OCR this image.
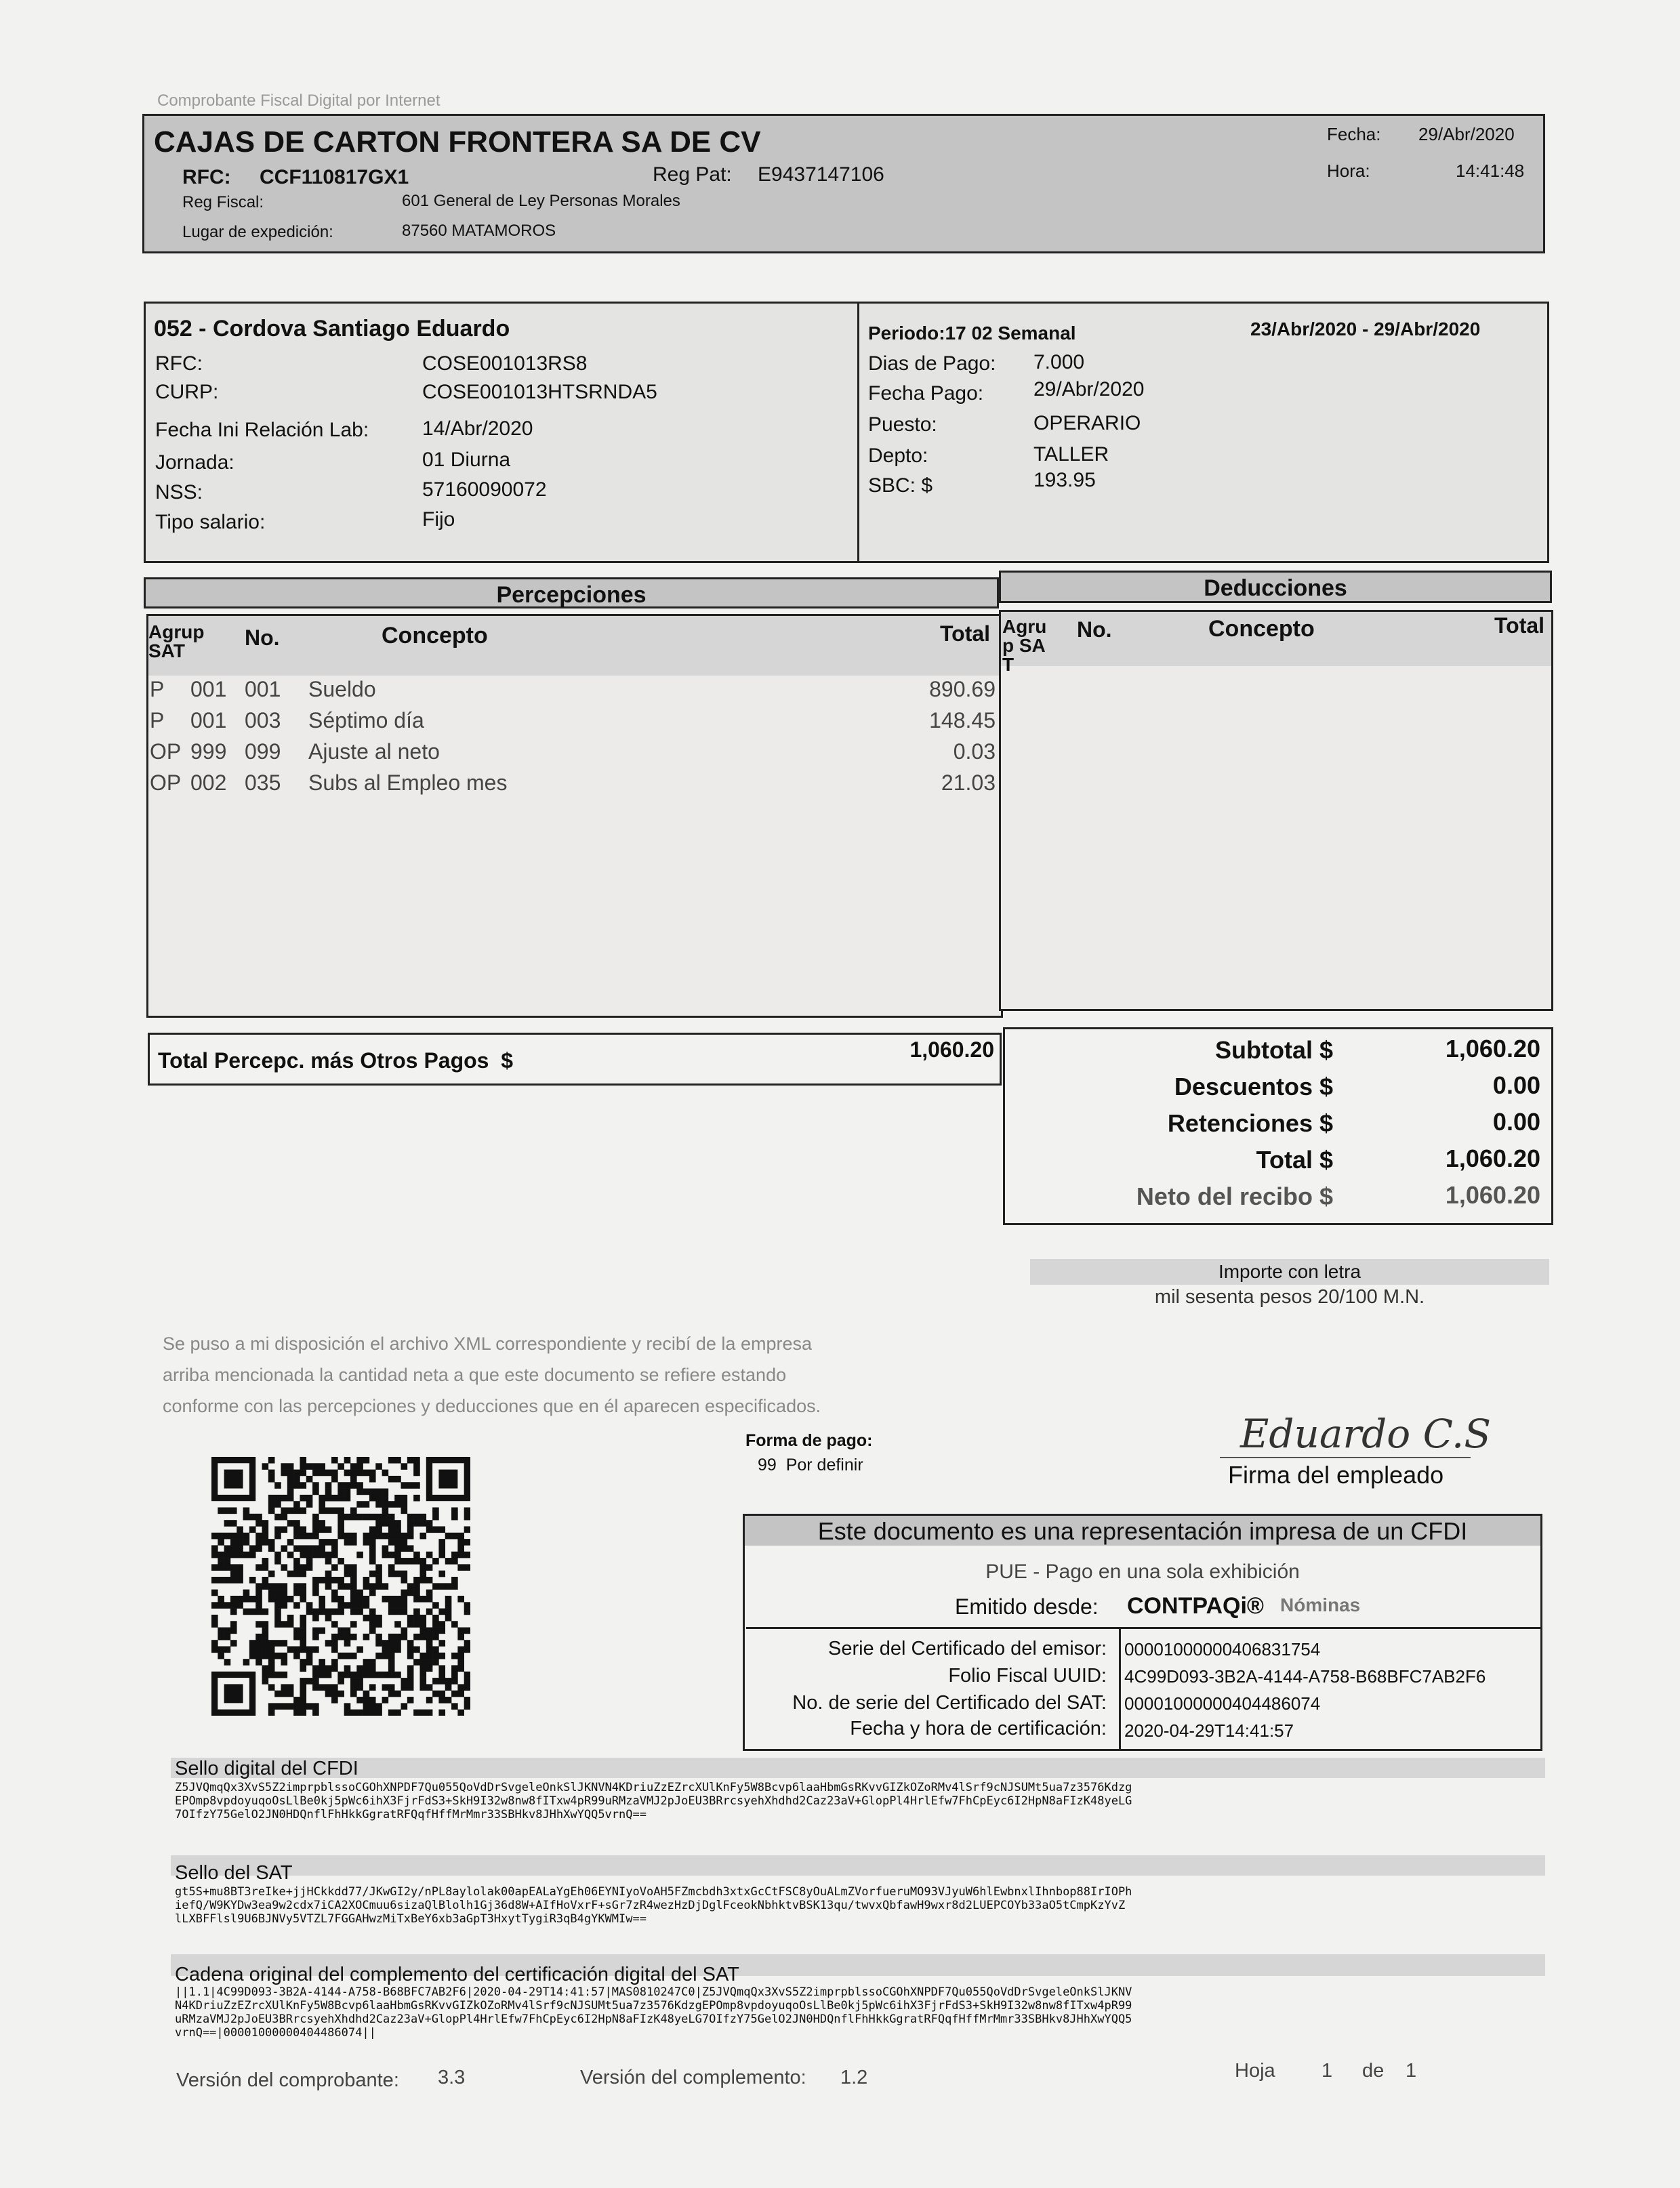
Comprobante Fiscal Digital por Internet
CAJAS DE CARTON FRONTERA SA DE CV
RFC: CCF110817GX1	Reg Pat: E9437147106
Reg Fiscal:	601 General de Ley Personas Morales
Lugar de expedición:	87560 MATAMOROS
Fecha: 29/Abr/2020
Hora:	14:41:48
052 - Cordova Santiago Eduardo
RFC:	COSE001013RS8
CURP:	COSE001013HTSRNDA5
Fecha Ini Relación Lab:	14/Abr/2020
Jornada:	01 Diurna
NSS:	57160090072
Tipo salario:	Fijo
Periodo:17 02 Semanal	23/Abr/2020 - 29/Abr/2020
Dias de Pago: 7.000
Fecha Pago: 29/Abr/2020
Puesto:	OPERARIO
Depto:	TALLER
SBC: $	193.95
Percepciones	Deducciones
Agrup SAT
No.	Concepto	Total
P 001 001 Sueldo	890.69
P 001 003 Séptimo día	148.45
OP 999 099 Ajuste al neto	0.03
OP 002 035 Subs al Empleo mes	21.03
Agru p SA T
No.	Concepto	Total
Total Percepc. más Otros Pagos  $	1,060.20	Subtotal $	1,060.20
Descuentos $	0.00
Retenciones $	0.00
Total $	1,060.20
Neto del recibo $	1,060.20
Importe con letra
mil sesenta pesos 20/100 M.N.
Se puso a mi disposición el archivo XML correspondiente y recibí de la empresa
arriba mencionada la cantidad neta a que este documento se refiere estando
conforme con las percepciones y deducciones que en él aparecen especificados.
Forma de pago:
99  Por definir
Eduardo C.S
Firma del empleado
Este documento es una representación impresa de un CFDI
PUE - Pago en una sola exhibición
Emitido desde: CONTPAQi® Nóminas
Serie del Certificado del emisor: 00001000000406831754
Folio Fiscal UUID: 4C99D093-3B2A-4144-A758-B68BFC7AB2F6
No. de serie del Certificado del SAT: 00001000000404486074
Fecha y hora de certificación: 2020-04-29T14:41:57
Sello digital del CFDI
Z5JVQmqQx3XvS5Z2imprpblssoCGOhXNPDF7Qu055QoVdDrSvgeleOnkSlJKNVN4KDriuZzEZrcXUlKnFy5W8Bcvp6laaHbmGsRKvvGIZkOZoRMv4lSrf9cNJSUMt5ua7z3576Kdzg
EPOmp8vpdoyuqoOsLlBe0kj5pWc6ihX3FjrFdS3+SkH9I32w8nw8fITxw4pR99uRMzaVMJ2pJoEU3BRrcsyehXhdhd2Caz23aV+GlopPl4HrlEfw7FhCpEyc6I2HpN8aFIzK48yeLG
7OIfzY75GelO2JN0HDQnflFhHkkGgratRFQqfHffMrMmr33SBHkv8JHhXwYQQ5vrnQ==
Sello del SAT
gt5S+mu8BT3reIke+jjHCkkdd77/JKwGI2y/nPL8aylolak00apEALaYgEh06EYNIyoVoAH5FZmcbdh3xtxGcCtFSC8yOuALmZVorfueruMO93VJyuW6hlEwbnxlIhnbop88IrIOPh
iefQ/W9KYDw3ea9w2cdx7iCA2XOCmuu6sizaQlBlolh1Gj36d8W+AIfHoVxrF+sGr7zR4wezHzDjDglFceokNbhktvBSK13qu/twvxQbfawH9wxr8d2LUEPCOYb33aO5tCmpKzYvZ
lLXBFFlsl9U6BJNVy5VTZL7FGGAHwzMiTxBeY6xb3aGpT3HxytTygiR3qB4gYKWMIw==
Cadena original del complemento del certificación digital del SAT
||1.1|4C99D093-3B2A-4144-A758-B68BFC7AB2F6|2020-04-29T14:41:57|MAS0810247C0|Z5JVQmqQx3XvS5Z2imprpblssoCGOhXNPDF7Qu055QoVdDrSvgeleOnkSlJKNV
N4KDriuZzEZrcXUlKnFy5W8Bcvp6laaHbmGsRKvvGIZkOZoRMv4lSrf9cNJSUMt5ua7z3576KdzgEPOmp8vpdoyuqoOsLlBe0kj5pWc6ihX3FjrFdS3+SkH9I32w8nw8fITxw4pR99
uRMzaVMJ2pJoEU3BRrcsyehXhdhd2Caz23aV+GlopPl4HrlEfw7FhCpEyc6I2HpN8aFIzK48yeLG7OIfzY75GelO2JN0HDQnflFhHkkGgratRFQqfHffMrMmr33SBHkv8JHhXwYQQ5
vrnQ==|00001000000404486074||
Versión del comprobante: 3.3	Versión del complemento: 1.2	Hoja 1 de 1
